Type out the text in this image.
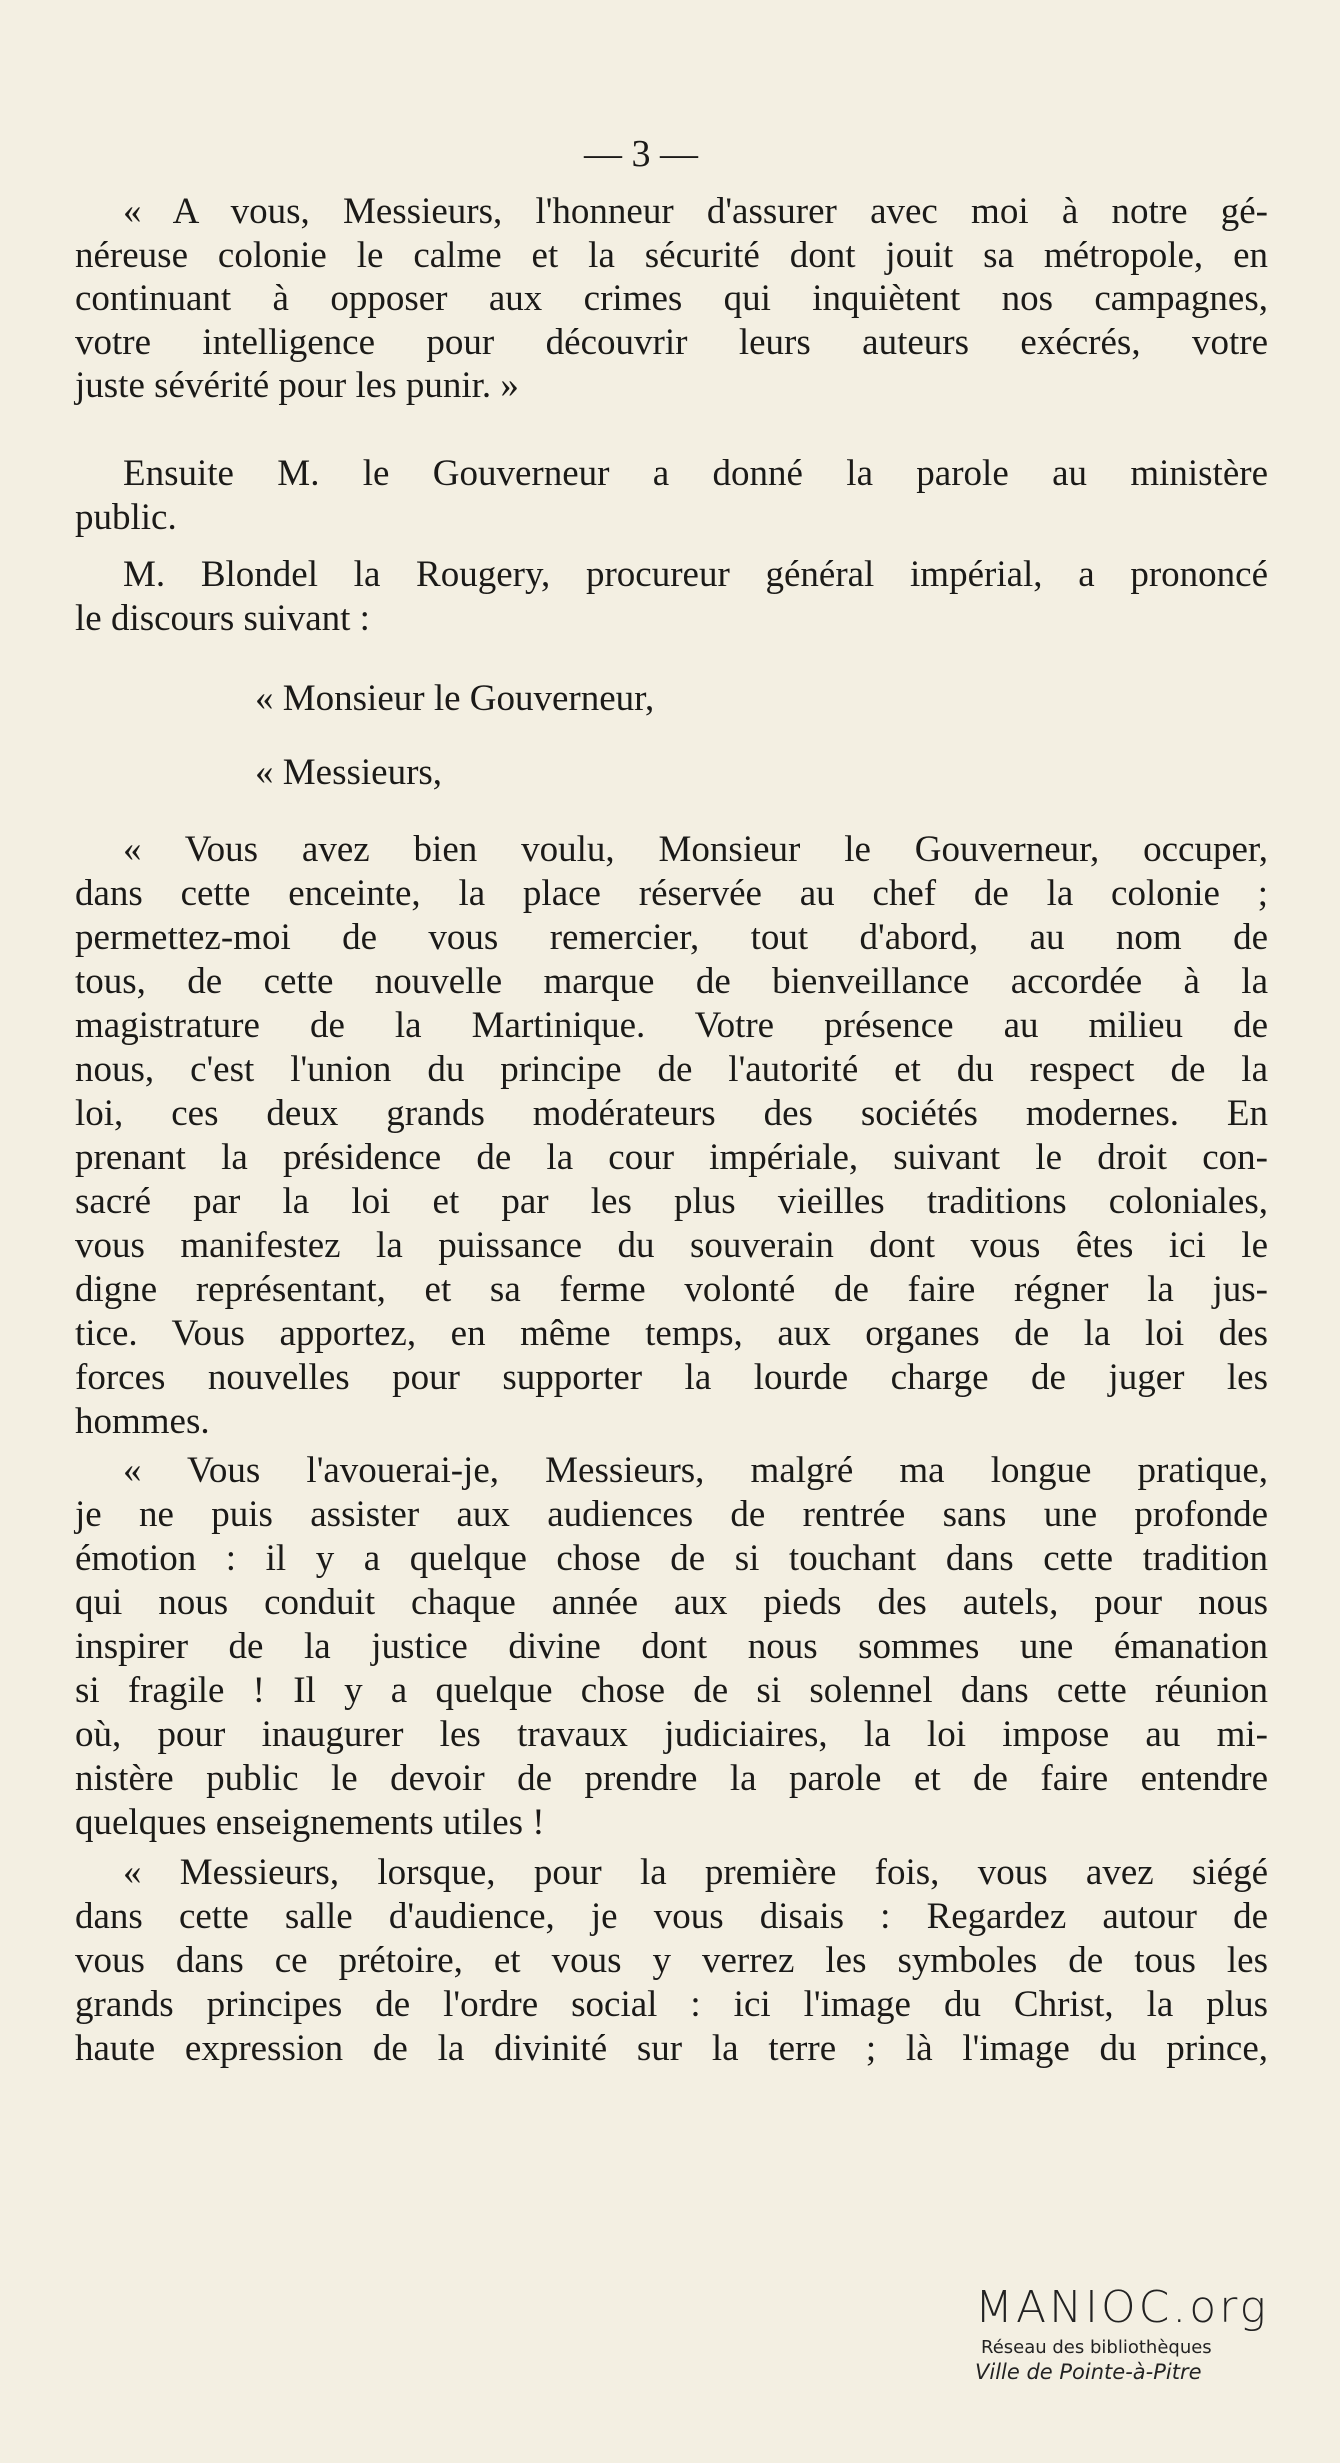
— 3 —
« A vous, Messieurs, l'honneur d'assurer avec moi à notre gé-
néreuse colonie le calme et la sécurité dont jouit sa métropole, en
continuant à opposer aux crimes qui inquiètent nos campagnes,
votre intelligence pour découvrir leurs auteurs exécrés, votre
juste sévérité pour les punir. »
Ensuite M. le Gouverneur a donné la parole au ministère
public.
M. Blondel la Rougery, procureur général impérial, a prononcé
le discours suivant :
« Monsieur le Gouverneur,
« Messieurs,
« Vous avez bien voulu, Monsieur le Gouverneur, occuper,
dans cette enceinte, la place réservée au chef de la colonie ;
permettez-moi de vous remercier, tout d'abord, au nom de
tous, de cette nouvelle marque de bienveillance accordée à la
magistrature de la Martinique. Votre présence au milieu de
nous, c'est l'union du principe de l'autorité et du respect de la
loi, ces deux grands modérateurs des sociétés modernes. En
prenant la présidence de la cour impériale, suivant le droit con-
sacré par la loi et par les plus vieilles traditions coloniales,
vous manifestez la puissance du souverain dont vous êtes ici le
digne représentant, et sa ferme volonté de faire régner la jus-
tice. Vous apportez, en même temps, aux organes de la loi des
forces nouvelles pour supporter la lourde charge de juger les
hommes.
« Vous l'avouerai-je, Messieurs, malgré ma longue pratique,
je ne puis assister aux audiences de rentrée sans une profonde
émotion : il y a quelque chose de si touchant dans cette tradition
qui nous conduit chaque année aux pieds des autels, pour nous
inspirer de la justice divine dont nous sommes une émanation
si fragile ! Il y a quelque chose de si solennel dans cette réunion
où, pour inaugurer les travaux judiciaires, la loi impose au mi-
nistère public le devoir de prendre la parole et de faire entendre
quelques enseignements utiles !
« Messieurs, lorsque, pour la première fois, vous avez siégé
dans cette salle d'audience, je vous disais : Regardez autour de
vous dans ce prétoire, et vous y verrez les symboles de tous les
grands principes de l'ordre social : ici l'image du Christ, la plus
haute expression de la divinité sur la terre ; là l'image du prince,
MANIOC.org
Réseau des bibliothèques
Ville de Pointe-à-Pitre
